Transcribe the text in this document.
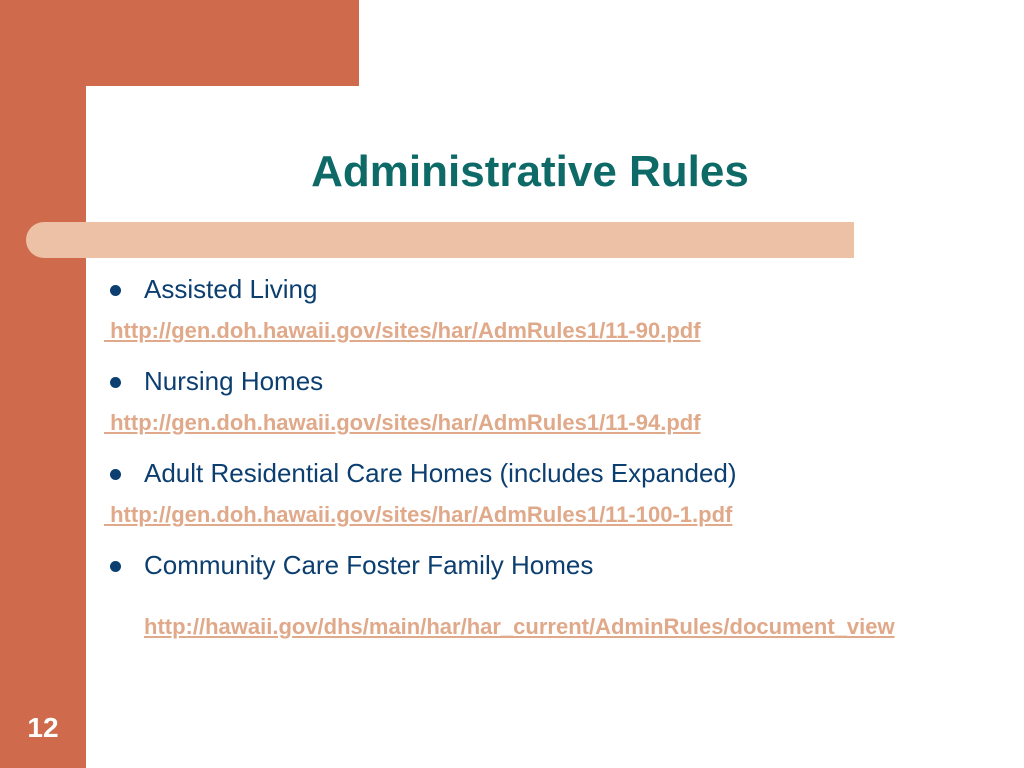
Administrative Rules

Assisted Living

http://gen.doh.hawaii.gov/sites/har/AdmRules1/11-90.pdf

Nursing Homes

http://gen.doh.hawaii.gov/sites/har/AdmRules1/11-94.pdf

Adult Residential Care Homes (includes Expanded)

http://gen.doh.hawaii.gov/sites/har/AdmRules1/11-100-1.pdf

Community Care Foster Family Homes

http://hawaii.gov/dhs/main/har/har_current/AdminRules/document_view
12
